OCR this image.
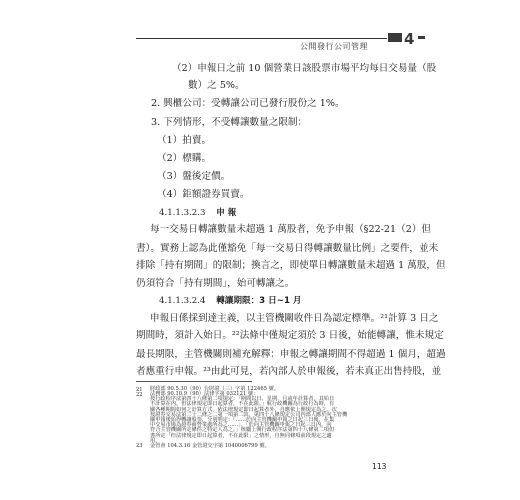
公開發行公司管理 4
（2）申報日之前 10 個營業日該股票市場平均每日交易量（股
數）之 5%。
2. 興櫃公司：受轉讓公司已發行股份之 1%。
3. 下列情形，不受轉讓數量之限制：
（1）拍賣。
（2）標購。
（3）盤後定價。
（4）鉅額證券買賣。
4.1.1.3.2.3 申 報
每一交易日轉讓數量未超過 1 萬股者，免予申報（§22-21（2）但
書）。實務上認為此僅豁免「每一交易日得轉讓數量比例」之要件，並未
排除「持有期間」的限制；換言之，即使單日轉讓數量未超過 1 萬股，但
仍須符合「持有期間」，始可轉讓之。
4.1.1.3.2.4 轉讓期限：3 日~1 月
申報日係採到達主義，以主管機關收件日為認定標準。²¹計算 3 日之
期間時，須計入始日。²²法條中僅規定須於 3 日後，始能轉讓，惟未規定
最長期限，主管機關則補充解釋：申報之轉讓期間不得超過 1 個月，超過
者應重行申報。²³由此可見，若內部人於申報後，若未真正出售持股，並
21 財政部 90.5.30（90）台財證（三）字第 122465 號。
22 法務部 90.10.9（90）法律字第 032121 號：
按行政程序法第四十八條第二項規定：「期間以日、星期、月或年計算者，其始日
不計算在內。但法律規定即日起算者，不在此限。」航行政機關為行政行為時，有
關各種期間如何之計算方式，依法律規定即日起算者外，自應依上開規定為之。次
按證券交易法第二十二條之二第一項第二款、第四十八條規定公司內部人應於向主管機
關申報後始得轉讓股票，分別明定：「……於向主管機關申報之日起三日後，在集
中交易市場為證券商營業處所為之……」、「於向主管機關申報之日起三日內，向
符合主管機關所定條件之特定人為之。」核屬上開行政程序法第四十八條第二項但
書所定「但法律規定即日起算者，不在此限」之情形，自無同條項前段規定之適
用。
23 金管會 104.3.16 金管證交字第 1040006799 號。
113
